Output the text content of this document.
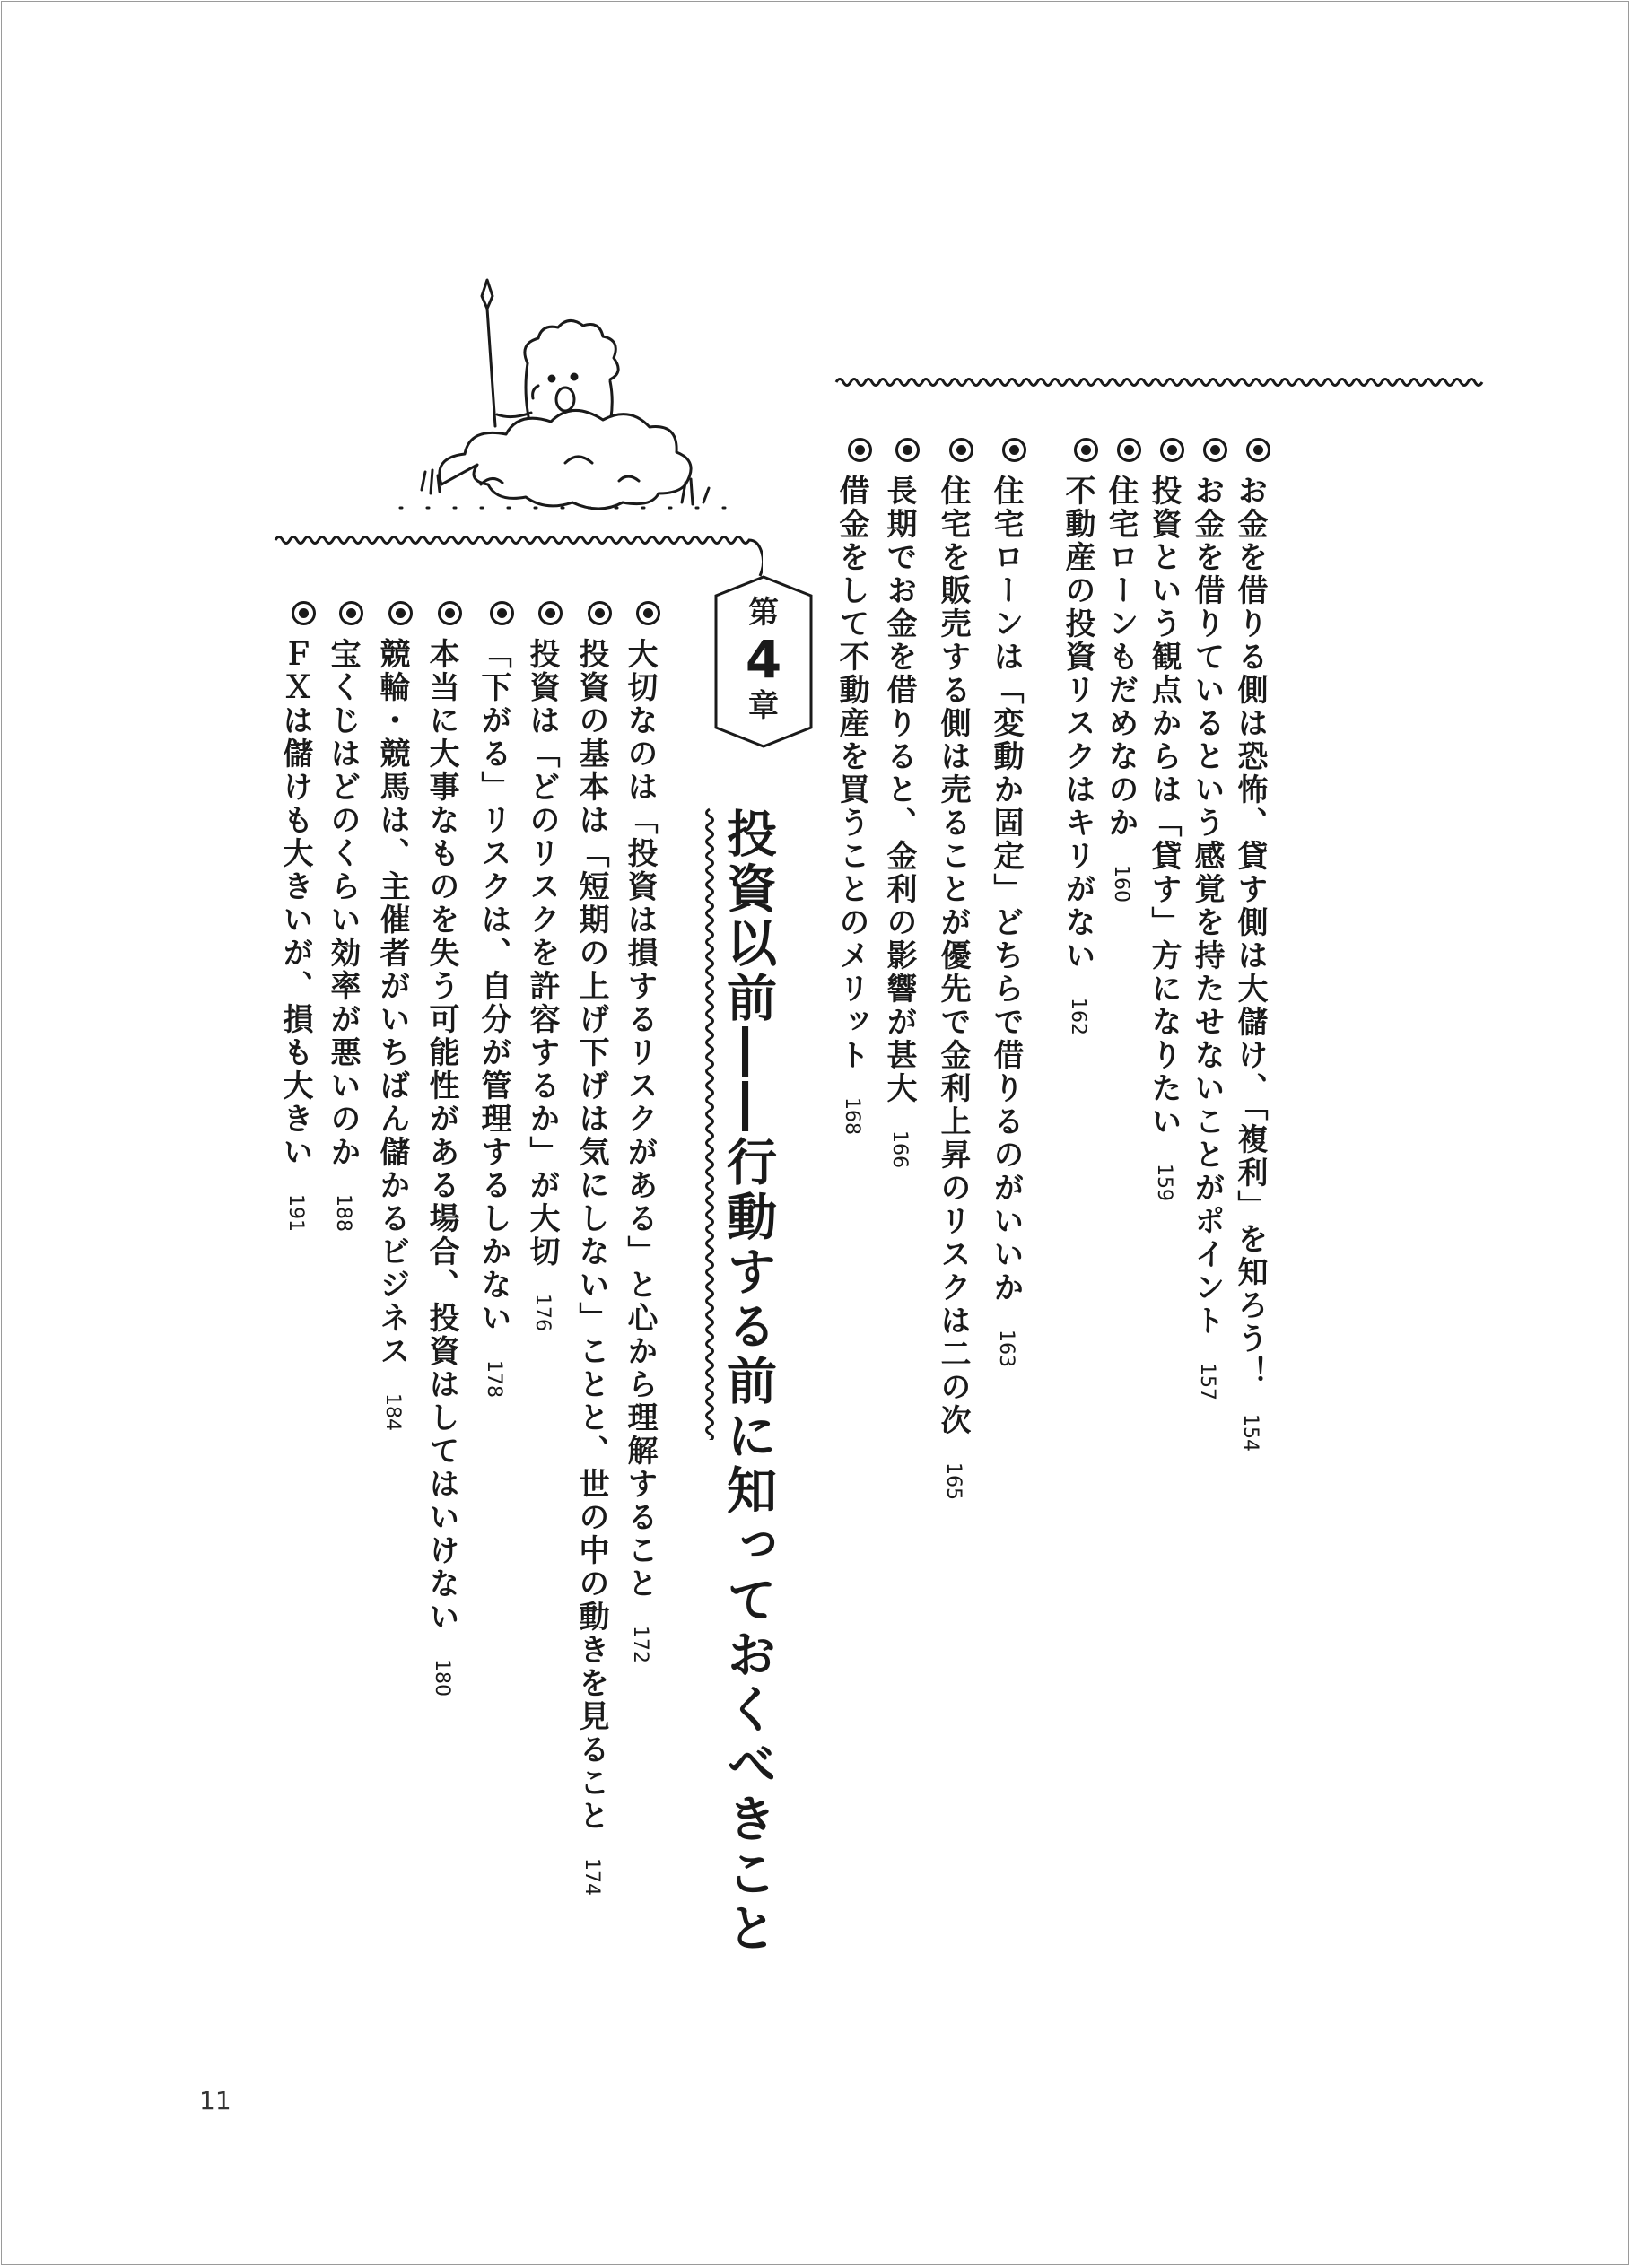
お金を借りる側は恐怖、貸す側は大儲け、「複利」を知ろう！154
お金を借りているという感覚を持たせないことがポイント157
投資という観点からは「貸す」方になりたい159
住宅ローンもだめなのか160
不動産の投資リスクはキリがない162
住宅ローンは「変動か固定」どちらで借りるのがいいか163
住宅を販売する側は売ることが優先で金利上昇のリスクは二の次165
長期でお金を借りると、金利の影響が甚大166
借金をして不動産を買うことのメリット168
第
4
章
投資以前――行動する前に知っておくべきこと
大切なのは「投資は損するリスクがある」と心から理解すること172
投資の基本は「短期の上げ下げは気にしない」ことと、世の中の動きを見ること174
投資は「どのリスクを許容するか」が大切176
「下がる」リスクは、自分が管理するしかない178
本当に大事なものを失う可能性がある場合、投資はしてはいけない180
競輪・競馬は、主催者がいちばん儲かるビジネス184
宝くじはどのくらい効率が悪いのか188
ＦＸは儲けも大きいが、損も大きい191
11
